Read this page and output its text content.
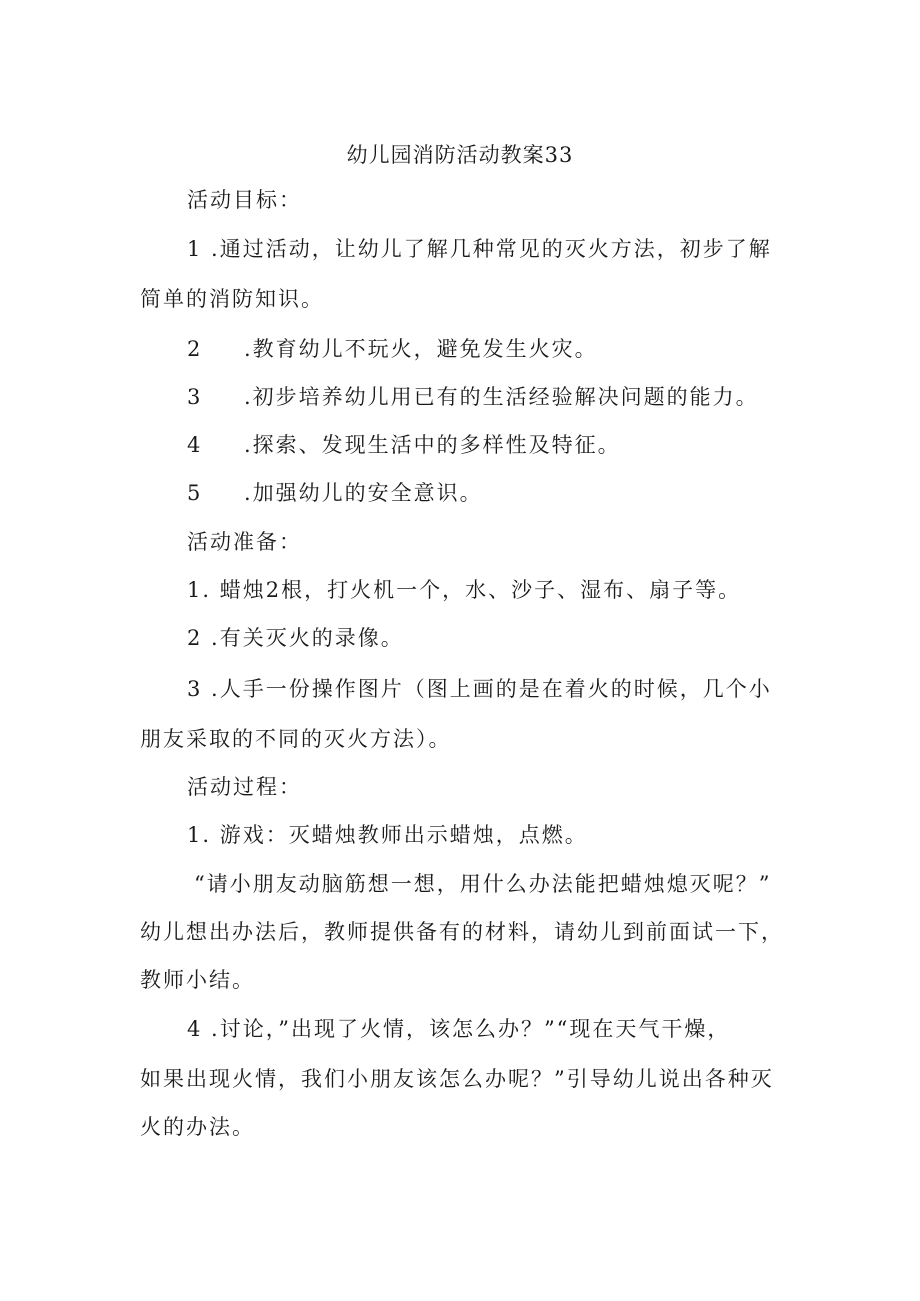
幼儿园消防活动教案33
活动目标：
1 .通过活动，让幼儿了解几种常见的灭火方法，初步了解
简单的消防知识。
2 .教育幼儿不玩火，避免发生火灾。
3 .初步培养幼儿用已有的生活经验解决问题的能力。
4 .探索、发现生活中的多样性及特征。
5 .加强幼儿的安全意识。
活动准备：
1. 蜡烛2根，打火机一个，水、沙子、湿布、扇子等。
2 .有关灭火的录像。
3 .人手一份操作图片（图上画的是在着火的时候，几个小
朋友采取的不同的灭火方法）。
活动过程：
1. 游戏：灭蜡烛教师出示蜡烛，点燃。
“请小朋友动脑筋想一想，用什么办法能把蜡烛熄灭呢？”
幼儿想出办法后，教师提供备有的材料，请幼儿到前面试一下，
教师小结。
4 .讨论，”出现了火情，该怎么办？”“现在天气干燥，
如果出现火情，我们小朋友该怎么办呢？”引导幼儿说出各种灭
火的办法。
